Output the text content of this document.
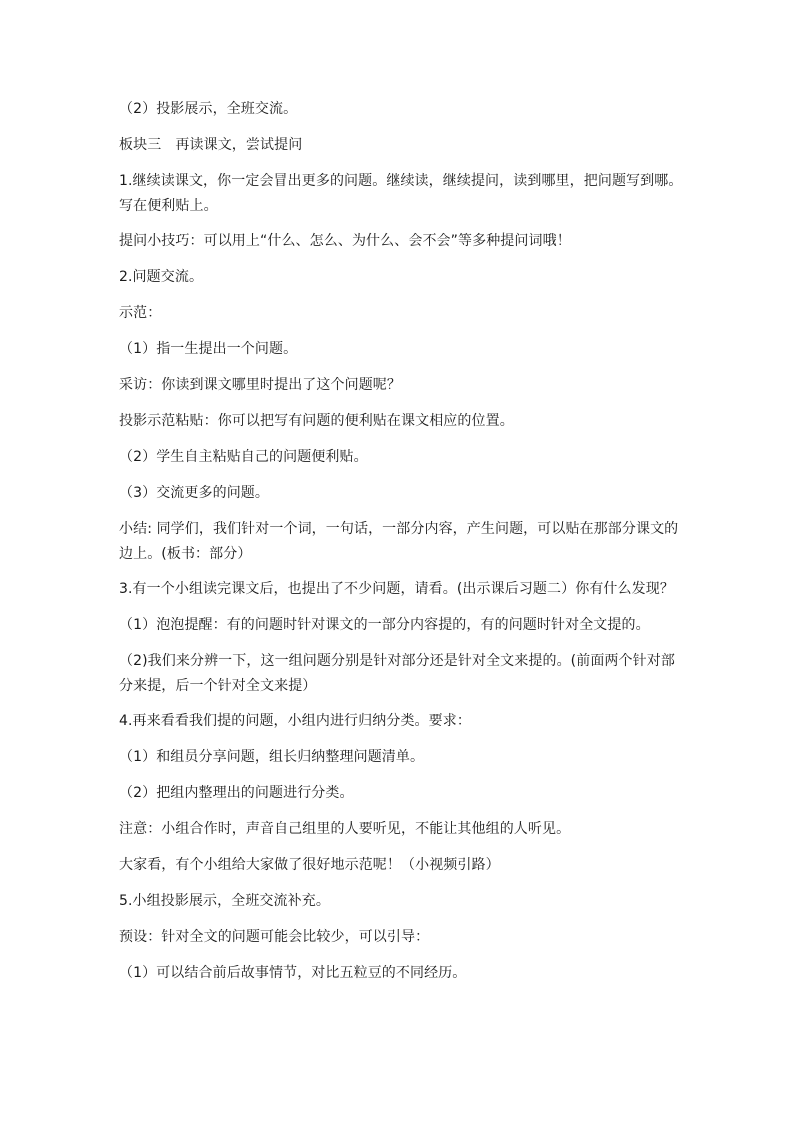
（2）投影展示，全班交流。

板块三　再读课文，尝试提问

1.继续读课文，你一定会冒出更多的问题。继续读，继续提问，读到哪里，把问题写到哪。写在便利贴上。

提问小技巧：可以用上“什么、怎么、为什么、会不会”等多种提问词哦！

2.问题交流。

示范：

（1）指一生提出一个问题。

采访：你读到课文哪里时提出了这个问题呢？

投影示范粘贴：你可以把写有问题的便利贴在课文相应的位置。

（2）学生自主粘贴自己的问题便利贴。

（3）交流更多的问题。

小结: 同学们，我们针对一个词，一句话，一部分内容，产生问题，可以贴在那部分课文的边上。(板书：部分）

3.有一个小组读完课文后，也提出了不少问题，请看。(出示课后习题二）你有什么发现？

（1）泡泡提醒：有的问题时针对课文的一部分内容提的，有的问题时针对全文提的。

（2)我们来分辨一下，这一组问题分别是针对部分还是针对全文来提的。(前面两个针对部分来提，后一个针对全文来提）

4.再来看看我们提的问题，小组内进行归纳分类。要求：

（1）和组员分享问题，组长归纳整理问题清单。

（2）把组内整理出的问题进行分类。

注意：小组合作时，声音自己组里的人要听见，不能让其他组的人听见。

大家看，有个小组给大家做了很好地示范呢！（小视频引路）

5.小组投影展示，全班交流补充。

预设：针对全文的问题可能会比较少，可以引导：

（1）可以结合前后故事情节，对比五粒豆的不同经历。
